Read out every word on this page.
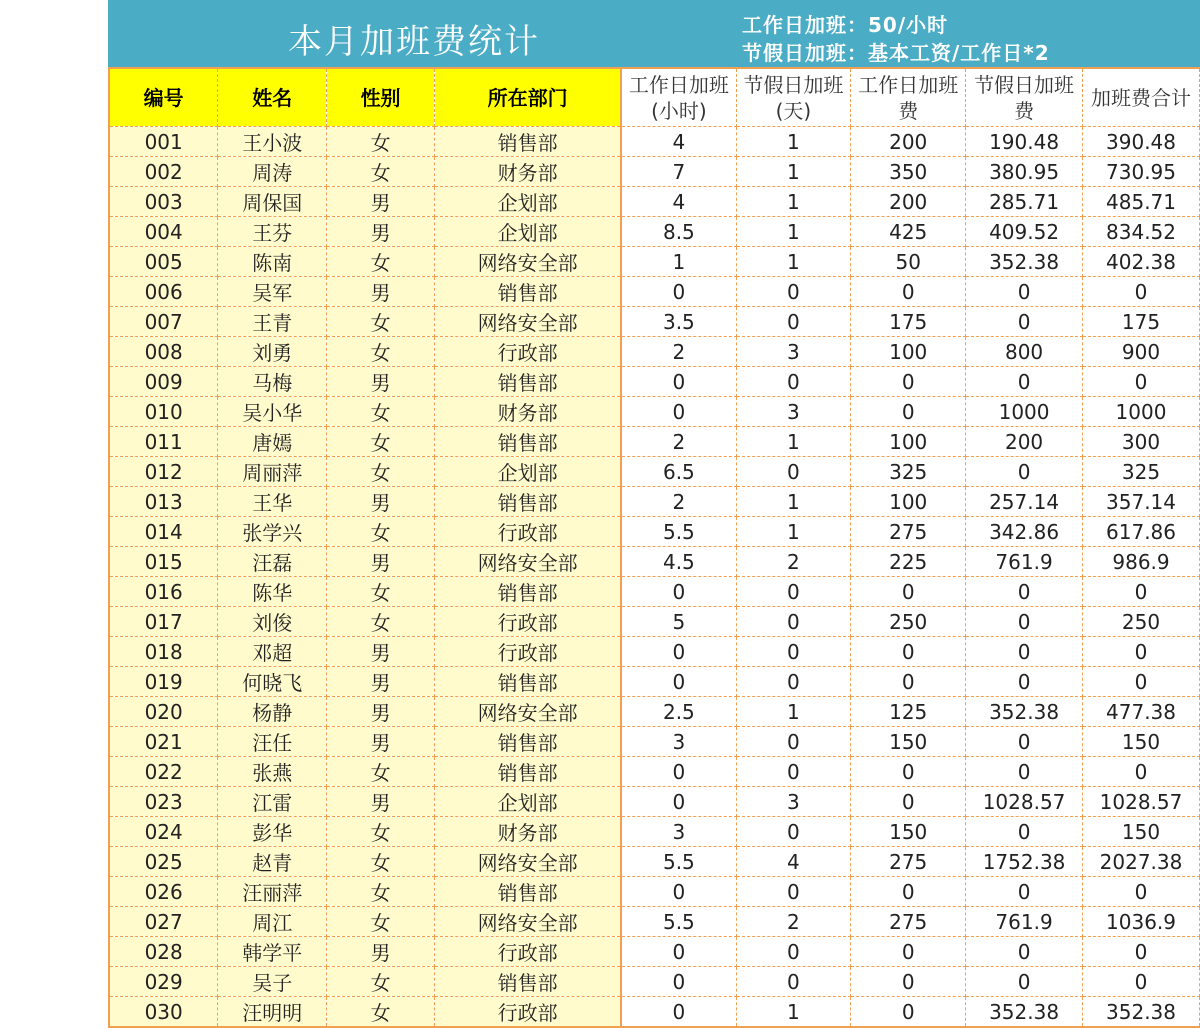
本月加班费统计	工作日加班：50/小时
节假日加班：基本工资/工作日*2
编号	姓名	性别	所在部门	工作日加班(小时)	节假日加班(天)	工作日加班费	节假日加班费	加班费合计
001	王小波	女	销售部	4	1	200	190.48	390.48
002	周涛	女	财务部	7	1	350	380.95	730.95
003	周保国	男	企划部	4	1	200	285.71	485.71
004	王芬	男	企划部	8.5	1	425	409.52	834.52
005	陈南	女	网络安全部	1	1	50	352.38	402.38
006	吴军	男	销售部	0	0	0	0	0
007	王青	女	网络安全部	3.5	0	175	0	175
008	刘勇	女	行政部	2	3	100	800	900
009	马梅	男	销售部	0	0	0	0	0
010	吴小华	女	财务部	0	3	0	1000	1000
011	唐嫣	女	销售部	2	1	100	200	300
012	周丽萍	女	企划部	6.5	0	325	0	325
013	王华	男	销售部	2	1	100	257.14	357.14
014	张学兴	女	行政部	5.5	1	275	342.86	617.86
015	汪磊	男	网络安全部	4.5	2	225	761.9	986.9
016	陈华	女	销售部	0	0	0	0	0
017	刘俊	女	行政部	5	0	250	0	250
018	邓超	男	行政部	0	0	0	0	0
019	何晓飞	男	销售部	0	0	0	0	0
020	杨静	男	网络安全部	2.5	1	125	352.38	477.38
021	汪任	男	销售部	3	0	150	0	150
022	张燕	女	销售部	0	0	0	0	0
023	江雷	男	企划部	0	3	0	1028.57	1028.57
024	彭华	女	财务部	3	0	150	0	150
025	赵青	女	网络安全部	5.5	4	275	1752.38	2027.38
026	汪丽萍	女	销售部	0	0	0	0	0
027	周江	女	网络安全部	5.5	2	275	761.9	1036.9
028	韩学平	男	行政部	0	0	0	0	0
029	吴子	女	销售部	0	0	0	0	0
030	汪明明	女	行政部	0	1	0	352.38	352.38
